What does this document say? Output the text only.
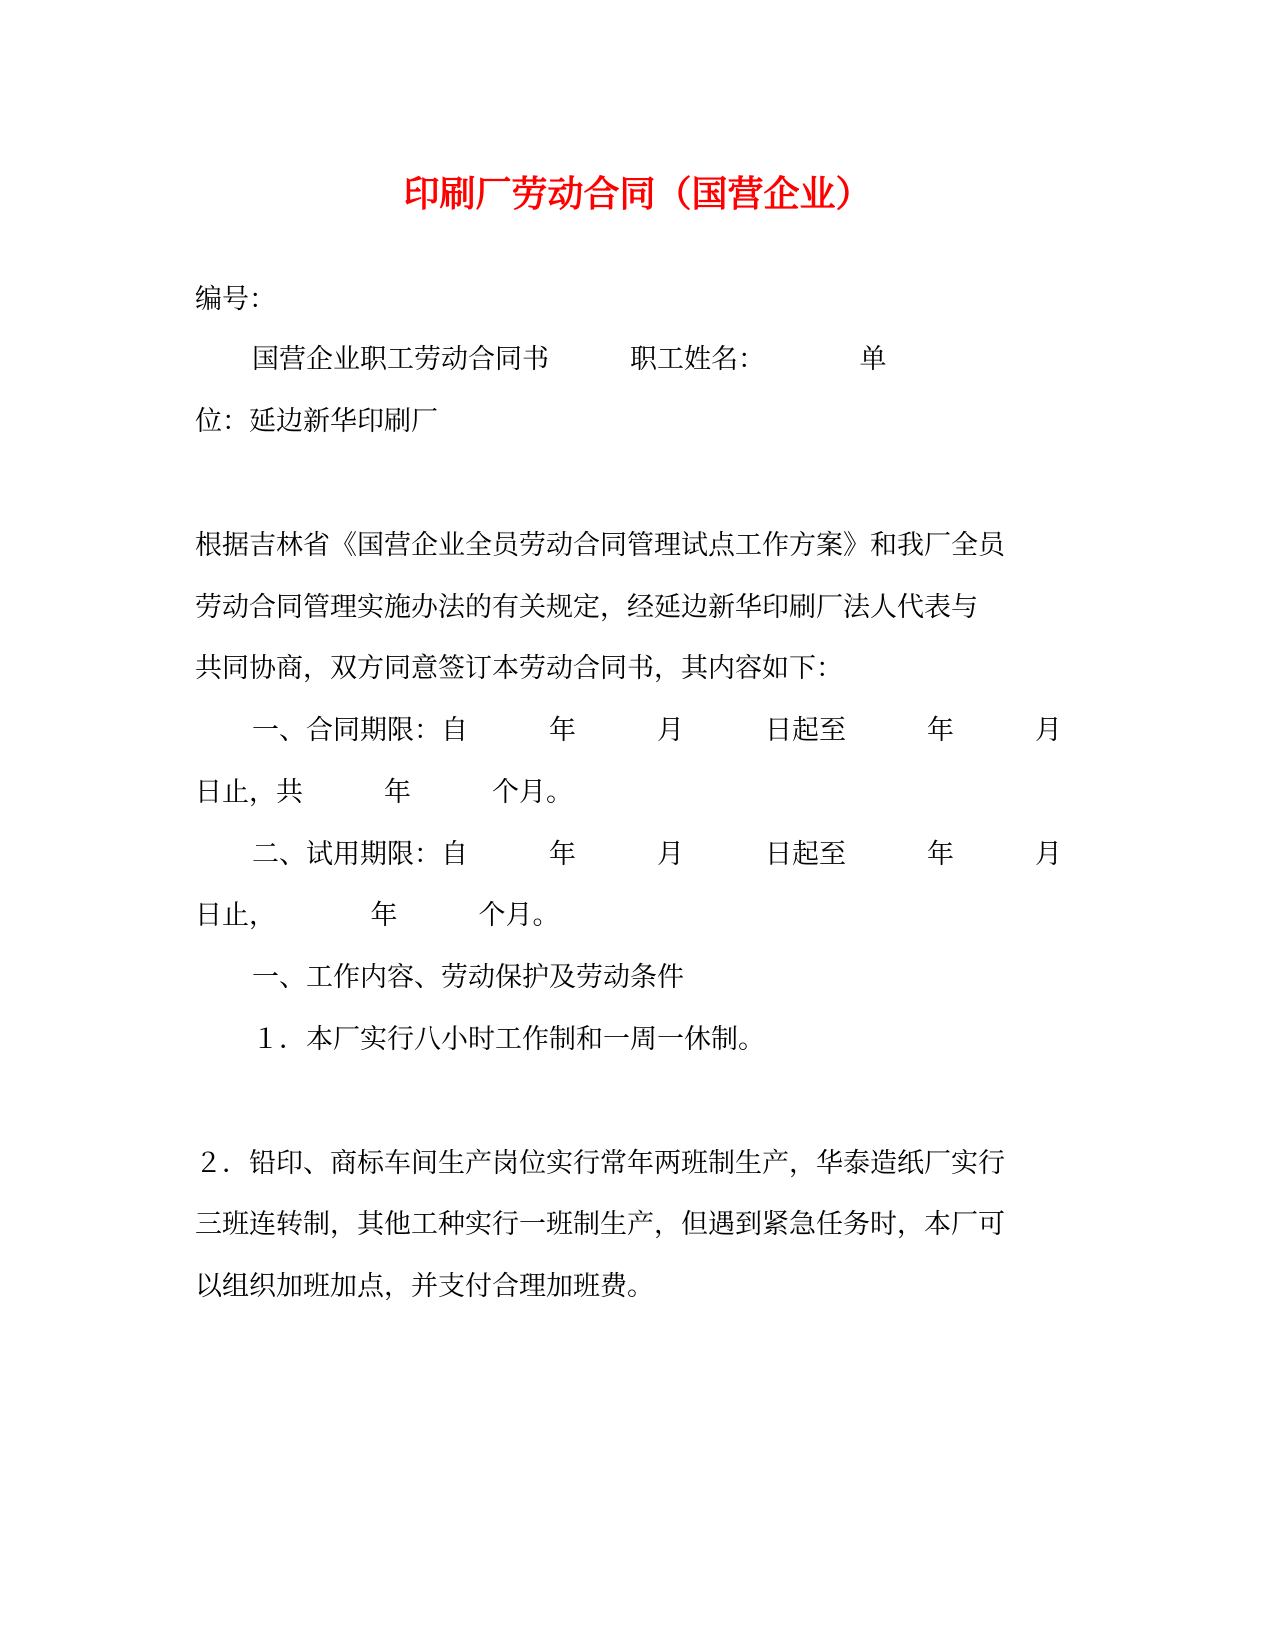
印刷厂劳动合同（国营企业）

编号：

国营企业职工劳动合同书　　　职工姓名：　　　　单

位：延边新华印刷厂

根据吉林省《国营企业全员劳动合同管理试点工作方案》和我厂全员

劳动合同管理实施办法的有关规定，经延边新华印刷厂法人代表与

共同协商，双方同意签订本劳动合同书，其内容如下：

一、合同期限：自　　　年　　　月　　　日起至　　　年　　　月

日止，共　　　年　　　个月。

二、试用期限：自　　　年　　　月　　　日起至　　　年　　　月

日止，　　　　年　　　个月。

一、工作内容、劳动保护及劳动条件

１．本厂实行八小时工作制和一周一休制。

２．铅印、商标车间生产岗位实行常年两班制生产，华泰造纸厂实行

三班连转制，其他工种实行一班制生产，但遇到紧急任务时，本厂可

以组织加班加点，并支付合理加班费。
